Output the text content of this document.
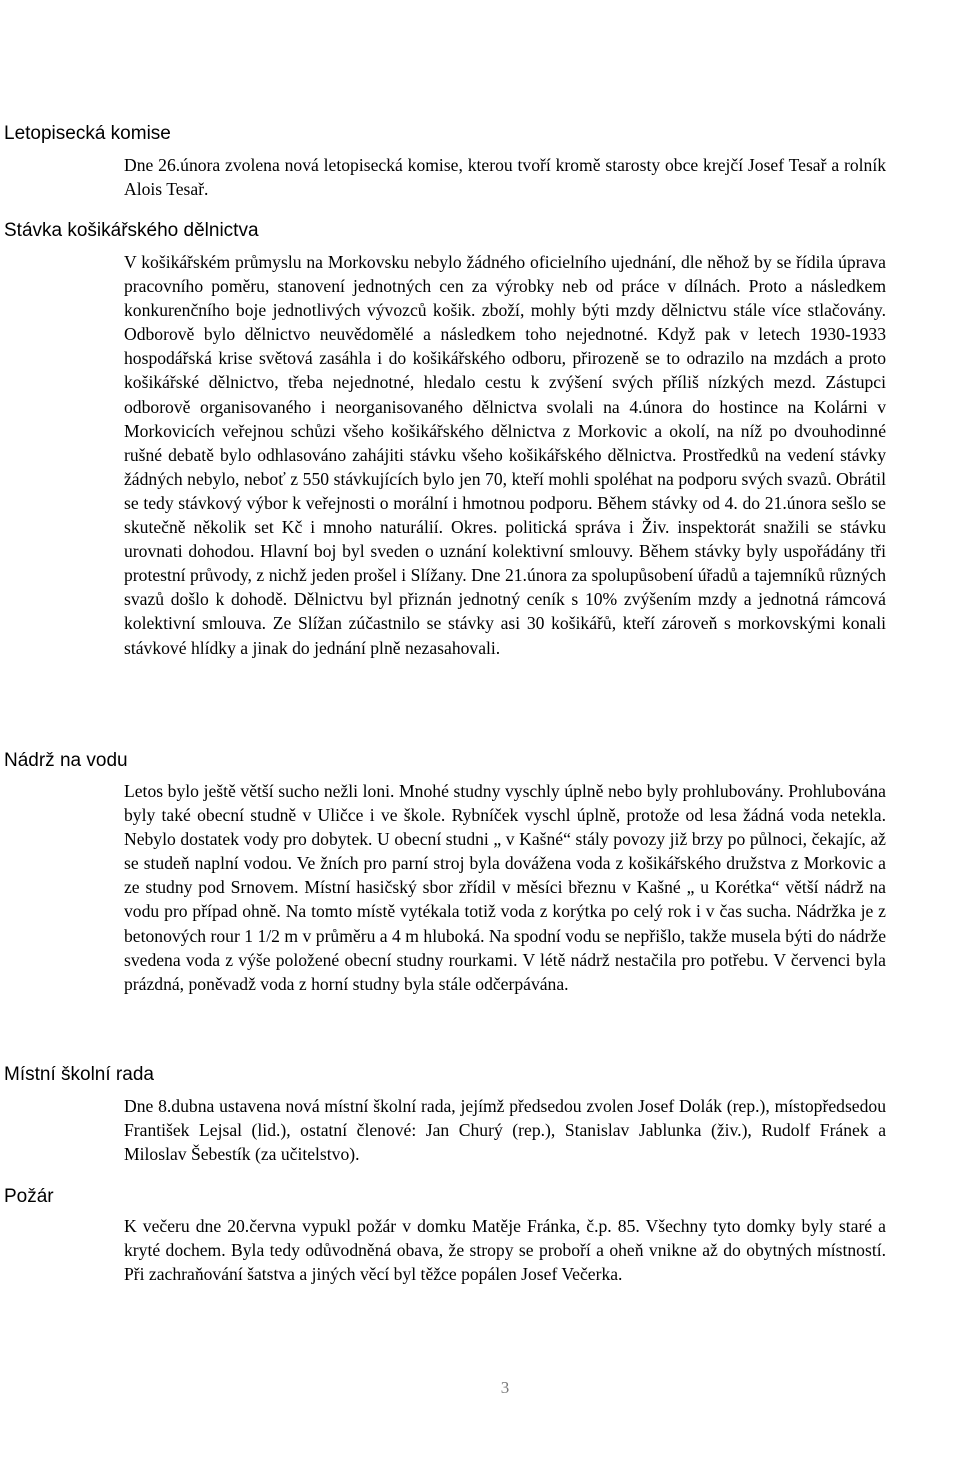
Letopisecká komise

Dne 26.února zvolena nová letopisecká komise, kterou tvoří kromě starosty obce krejčí Josef Tesař a rolník Alois Tesař.

Stávka košikářského dělnictva

V košikářském průmyslu na Morkovsku nebylo žádného oficielního ujednání, dle něhož by se řídila úprava pracovního poměru, stanovení jednotných cen za výrobky neb od práce v dílnách. Proto a následkem konkurenčního boje jednotlivých vývozců košik. zboží, mohly býti mzdy dělnictvu stále více stlačovány. Odborově bylo dělnictvo neuvědomělé a následkem toho nejednotné. Když pak v letech 1930-1933 hospodářská krise světová zasáhla i do košikářského odboru, přirozeně se to odrazilo na mzdách a proto košikářské dělnictvo, třeba nejednotné, hledalo cestu k zvýšení svých příliš nízkých mezd. Zástupci odborově organisovaného i neorganisovaného dělnictva svolali na 4.února do hostince na Kolárni v Morkovicích veřejnou schůzi všeho košikářského dělnictva z Morkovic a okolí, na níž po dvouhodinné rušné debatě bylo odhlasováno zahájiti stávku všeho košikářského dělnictva. Prostředků na vedení stávky žádných nebylo, neboť z 550 stávkujících bylo jen 70, kteří mohli spoléhat na podporu svých svazů. Obrátil se tedy stávkový výbor k veřejnosti o morální i hmotnou podporu. Během stávky od 4. do 21.února sešlo se skutečně několik set Kč i mnoho naturálií. Okres. politická správa i Živ. inspektorát snažili se stávku urovnati dohodou. Hlavní boj byl sveden o uznání kolektivní smlouvy. Během stávky byly uspořádány tři protestní průvody, z nichž jeden prošel i Slížany. Dne 21.února za spolupůsobení úřadů a tajemníků různých svazů došlo k dohodě. Dělnictvu byl přiznán jednotný ceník s 10% zvýšením mzdy a jednotná rámcová kolektivní smlouva. Ze Slížan zúčastnilo se stávky asi 30 košikářů, kteří zároveň s morkovskými konali stávkové hlídky a jinak do jednání plně nezasahovali.

Nádrž na vodu

Letos bylo ještě větší sucho nežli loni. Mnohé studny vyschly úplně nebo byly prohlubovány. Prohlubována byly také obecní studně v Uličce i ve škole. Rybníček vyschl úplně, protože od lesa žádná voda netekla. Nebylo dostatek vody pro dobytek. U obecní studni „ v Kašné“ stály povozy již brzy po půlnoci, čekajíc, až se studeň naplní vodou. Ve žních pro parní stroj byla dovážena voda z košikářského družstva z Morkovic a ze studny pod Srnovem. Místní hasičský sbor zřídil v měsíci březnu v Kašné „ u Korétka“ větší nádrž na vodu pro případ ohně. Na tomto místě vytékala totiž voda z korýtka po celý rok i v čas sucha. Nádržka je z betonových rour 1 1/2 m v průměru a 4 m hluboká. Na spodní vodu se nepřišlo, takže musela býti do nádrže svedena voda z výše položené obecní studny rourkami. V létě nádrž nestačila pro potřebu. V červenci byla prázdná, poněvadž voda z horní studny byla stále odčerpávána.

Místní školní rada

Dne 8.dubna ustavena nová místní školní rada, jejímž předsedou zvolen Josef Dolák (rep.), místopředsedou František Lejsal (lid.), ostatní členové: Jan Churý (rep.), Stanislav Jablunka (živ.), Rudolf Fránek a Miloslav Šebestík (za učitelstvo).

Požár

K večeru dne 20.června vypukl požár v domku Matěje Fránka, č.p. 85. Všechny tyto domky byly staré a kryté dochem. Byla tedy odůvodněná obava, že stropy se proboří a oheň vnikne až do obytných místností. Při zachraňování šatstva a jiných věcí byl těžce popálen Josef Večerka.

3
